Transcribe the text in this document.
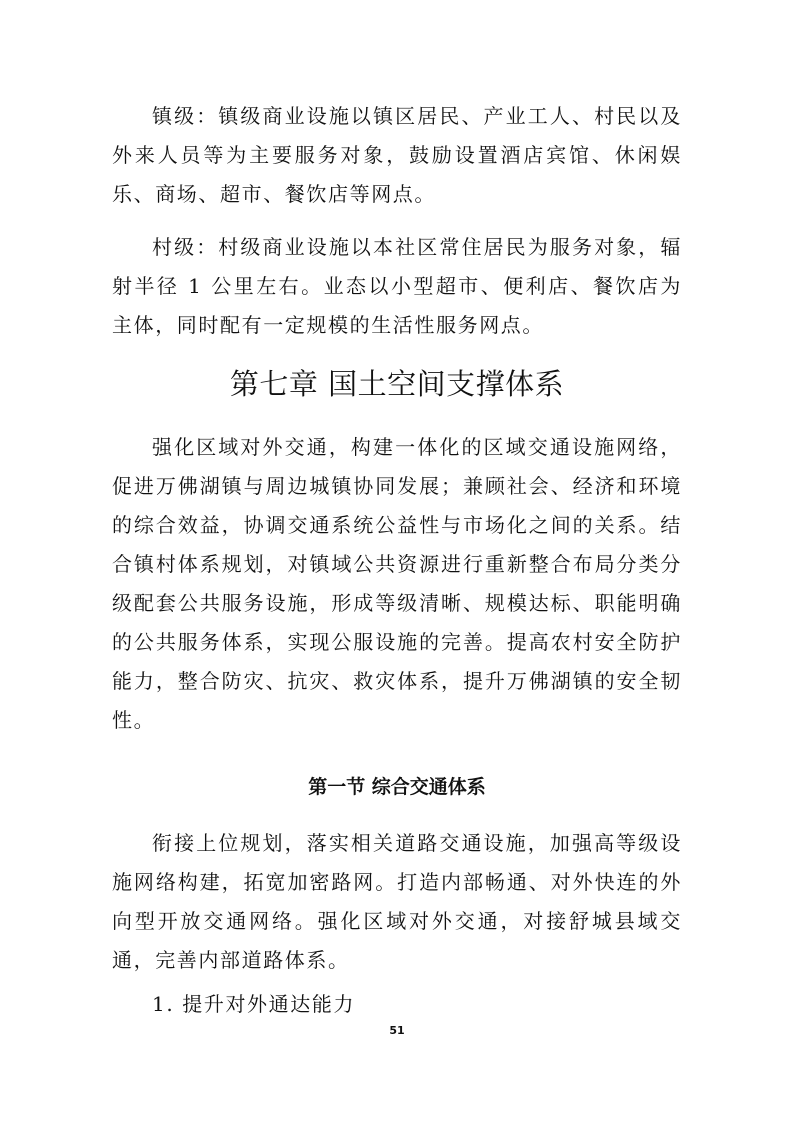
镇级：镇级商业设施以镇区居民、产业工人、村民以及外来人员等为主要服务对象，鼓励设置酒店宾馆、休闲娱乐、商场、超市、餐饮店等网点。

村级：村级商业设施以本社区常住居民为服务对象，辐射半径 1 公里左右。业态以小型超市、便利店、餐饮店为主体，同时配有一定规模的生活性服务网点。

第七章 国土空间支撑体系

强化区域对外交通，构建一体化的区域交通设施网络，促进万佛湖镇与周边城镇协同发展；兼顾社会、经济和环境的综合效益，协调交通系统公益性与市场化之间的关系。结合镇村体系规划，对镇域公共资源进行重新整合布局分类分级配套公共服务设施，形成等级清晰、规模达标、职能明确的公共服务体系，实现公服设施的完善。提高农村安全防护能力，整合防灾、抗灾、救灾体系，提升万佛湖镇的安全韧性。

第一节 综合交通体系

衔接上位规划，落实相关道路交通设施，加强高等级设施网络构建，拓宽加密路网。打造内部畅通、对外快连的外向型开放交通网络。强化区域对外交通，对接舒城县域交通，完善内部道路体系。

1. 提升对外通达能力

51
